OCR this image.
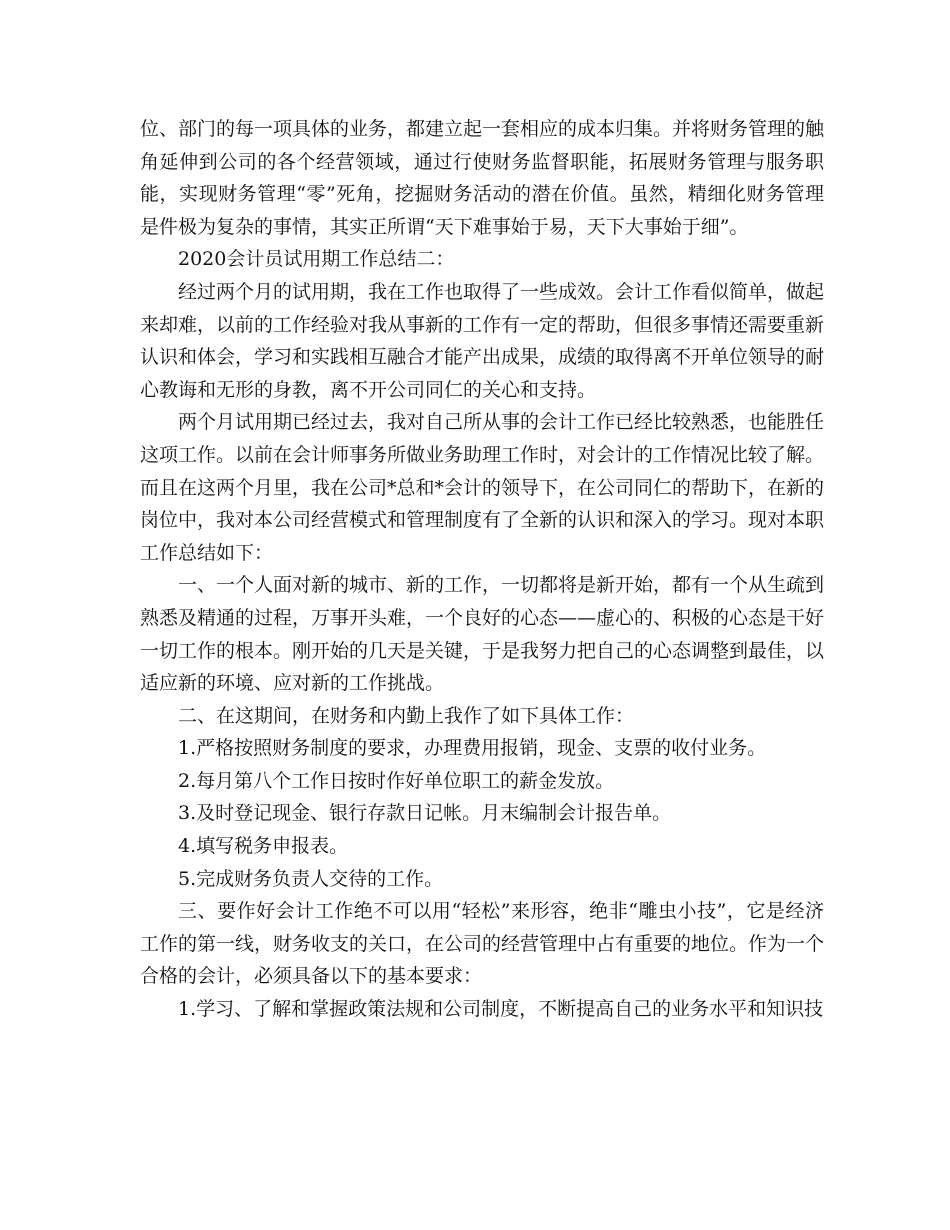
位、部门的每一项具体的业务，都建立起一套相应的成本归集。并将财务管理的触角延伸到公司的各个经营领域，通过行使财务监督职能，拓展财务管理与服务职能，实现财务管理“零”死角，挖掘财务活动的潜在价值。虽然，精细化财务管理是件极为复杂的事情，其实正所谓“天下难事始于易，天下大事始于细”。

2020会计员试用期工作总结二：

经过两个月的试用期，我在工作也取得了一些成效。会计工作看似简单，做起来却难，以前的工作经验对我从事新的工作有一定的帮助，但很多事情还需要重新认识和体会，学习和实践相互融合才能产出成果，成绩的取得离不开单位领导的耐心教诲和无形的身教，离不开公司同仁的关心和支持。

两个月试用期已经过去，我对自己所从事的会计工作已经比较熟悉，也能胜任这项工作。以前在会计师事务所做业务助理工作时，对会计的工作情况比较了解。而且在这两个月里，我在公司*总和*会计的领导下，在公司同仁的帮助下，在新的岗位中，我对本公司经营模式和管理制度有了全新的认识和深入的学习。现对本职工作总结如下：

一、一个人面对新的城市、新的工作，一切都将是新开始，都有一个从生疏到熟悉及精通的过程，万事开头难，一个良好的心态——虚心的、积极的心态是干好一切工作的根本。刚开始的几天是关键，于是我努力把自己的心态调整到最佳，以适应新的环境、应对新的工作挑战。

二、在这期间，在财务和内勤上我作了如下具体工作：

1.严格按照财务制度的要求，办理费用报销，现金、支票的收付业务。

2.每月第八个工作日按时作好单位职工的薪金发放。

3.及时登记现金、银行存款日记帐。月末编制会计报告单。

4.填写税务申报表。

5.完成财务负责人交待的工作。

三、要作好会计工作绝不可以用“轻松”来形容，绝非“雕虫小技”，它是经济工作的第一线，财务收支的关口，在公司的经营管理中占有重要的地位。作为一个合格的会计，必须具备以下的基本要求：

1.学习、了解和掌握政策法规和公司制度，不断提高自己的业务水平和知识技
